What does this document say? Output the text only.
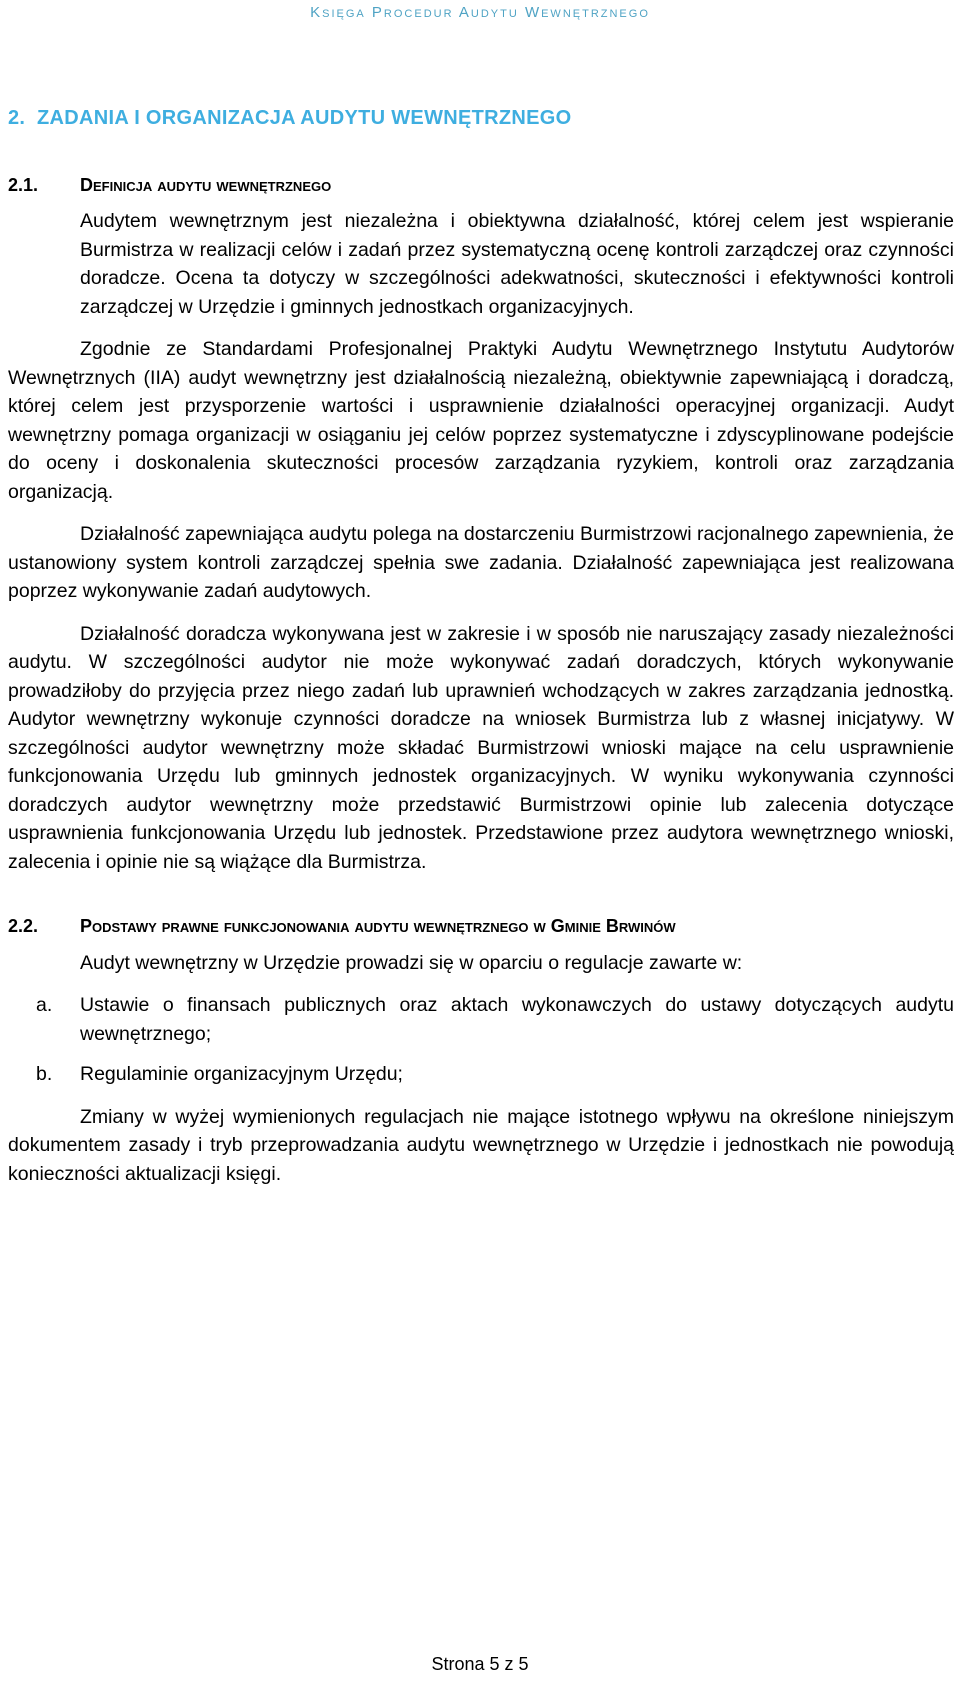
Księga Procedur Audytu Wewnętrznego
2. ZADANIA I ORGANIZACJA AUDYTU WEWNĘTRZNEGO
2.1.	Definicja audytu wewnętrznego

Audytem wewnętrznym jest niezależna i obiektywna działalność, której celem jest wspieranie Burmistrza w realizacji celów i zadań przez systematyczną ocenę kontroli zarządczej oraz czynności doradcze. Ocena ta dotyczy w szczególności adekwatności, skuteczności i efektywności kontroli zarządczej w Urzędzie i gminnych jednostkach organizacyjnych.

Zgodnie ze Standardami Profesjonalnej Praktyki Audytu Wewnętrznego Instytutu Audytorów Wewnętrznych (IIA) audyt wewnętrzny jest działalnością niezależną, obiektywnie zapewniającą i doradczą, której celem jest przysporzenie wartości i usprawnienie działalności operacyjnej organizacji. Audyt wewnętrzny pomaga organizacji w osiąganiu jej celów poprzez systematyczne i zdyscyplinowane podejście do oceny i doskonalenia skuteczności procesów zarządzania ryzykiem, kontroli oraz zarządzania organizacją.

Działalność zapewniająca audytu polega na dostarczeniu Burmistrzowi racjonalnego zapewnienia, że ustanowiony system kontroli zarządczej spełnia swe zadania. Działalność zapewniająca jest realizowana poprzez wykonywanie zadań audytowych.

Działalność doradcza wykonywana jest w zakresie i w sposób nie naruszający zasady niezależności audytu. W szczególności audytor nie może wykonywać zadań doradczych, których wykonywanie prowadziłoby do przyjęcia przez niego zadań lub uprawnień wchodzących w zakres zarządzania jednostką. Audytor wewnętrzny wykonuje czynności doradcze na wniosek Burmistrza lub z własnej inicjatywy. W szczególności audytor wewnętrzny może składać Burmistrzowi wnioski mające na celu usprawnienie funkcjonowania Urzędu lub gminnych jednostek organizacyjnych. W wyniku wykonywania czynności doradczych audytor wewnętrzny może przedstawić Burmistrzowi opinie lub zalecenia dotyczące usprawnienia funkcjonowania Urzędu lub jednostek. Przedstawione przez audytora wewnętrznego wnioski, zalecenia i opinie nie są wiążące dla Burmistrza.

2.2.	Podstawy prawne funkcjonowania audytu wewnętrznego w Gminie Brwinów

Audyt wewnętrzny w Urzędzie prowadzi się w oparciu o regulacje zawarte w:

a.	Ustawie o finansach publicznych oraz aktach wykonawczych do ustawy dotyczących audytu wewnętrznego;
b.	Regulaminie organizacyjnym Urzędu;

Zmiany w wyżej wymienionych regulacjach nie mające istotnego wpływu na określone niniejszym dokumentem zasady i tryb przeprowadzania audytu wewnętrznego w Urzędzie i jednostkach nie powodują konieczności aktualizacji księgi.

Strona 5 z 5
